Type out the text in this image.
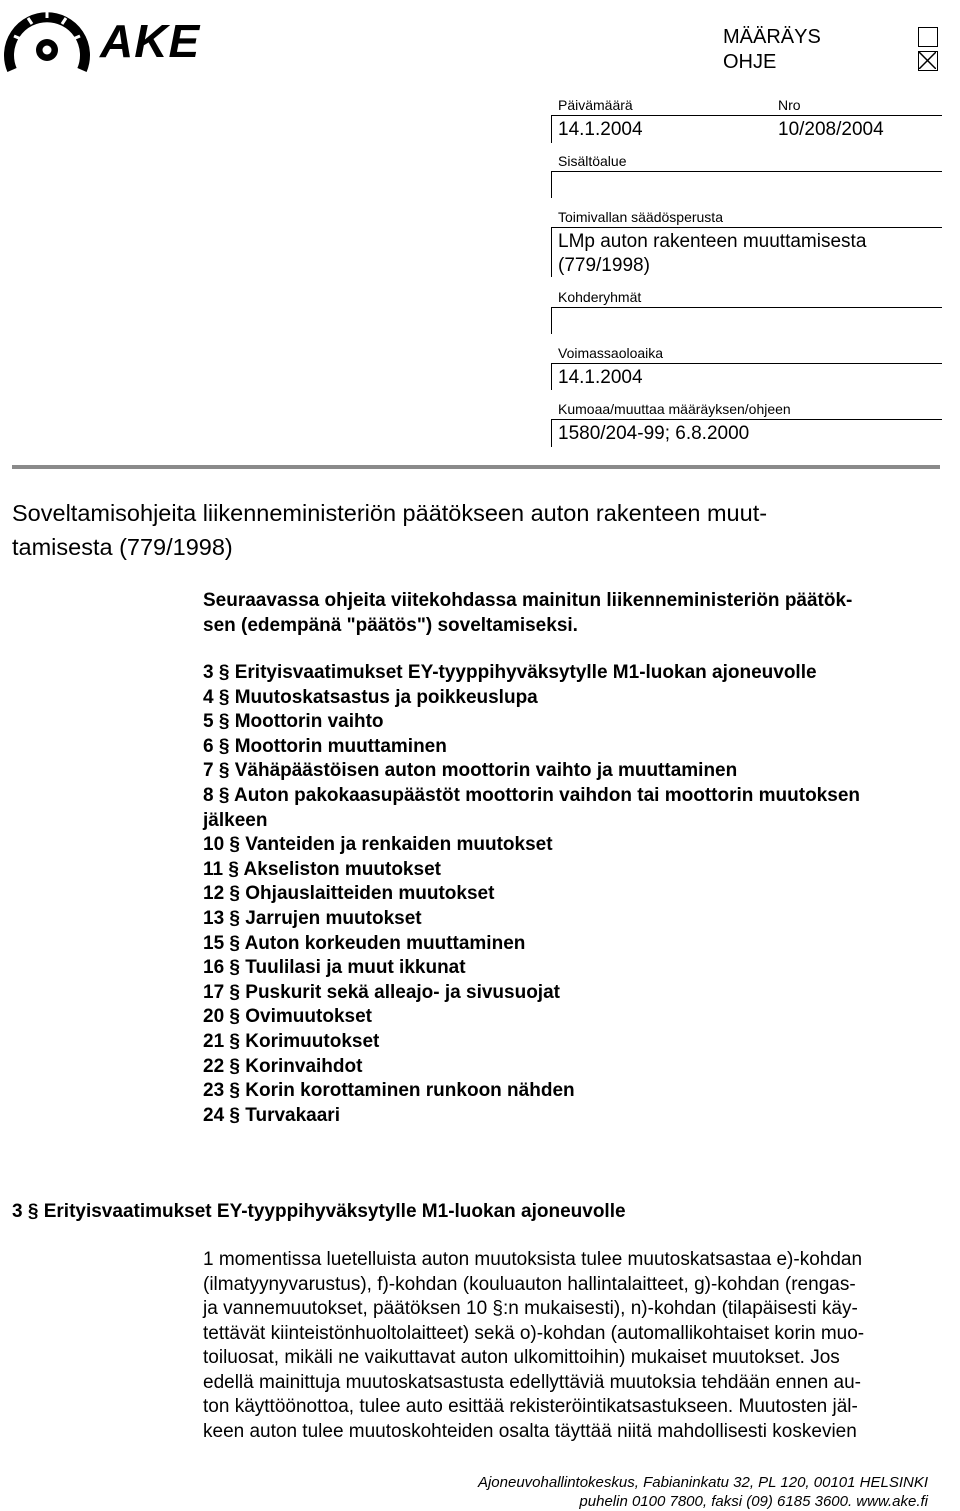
AKE	MÄÄRÄYS
OHJE
Päivämäärä	Nro
14.1.2004	10/208/2004
Sisältöalue
Toimivallan säädösperusta
LMp auton rakenteen muuttamisesta
(779/1998)
Kohderyhmät
Voimassaoloaika
14.1.2004
Kumoaa/muuttaa määräyksen/ohjeen
1580/204-99; 6.8.2000
Soveltamisohjeita liikenneministeriön päätökseen auton rakenteen muut-
tamisesta (779/1998)
Seuraavassa ohjeita viitekohdassa mainitun liikenneministeriön päätök-
sen (edempänä "päätös") soveltamiseksi.
3 § Erityisvaatimukset EY-tyyppihyväksytylle M1-luokan ajoneuvolle
4 § Muutoskatsastus ja poikkeuslupa
5 § Moottorin vaihto
6 § Moottorin muuttaminen
7 § Vähäpäästöisen auton moottorin vaihto ja muuttaminen
8 § Auton pakokaasupäästöt moottorin vaihdon tai moottorin muutoksen
jälkeen
10 § Vanteiden ja renkaiden muutokset
11 § Akseliston muutokset
12 § Ohjauslaitteiden muutokset
13 § Jarrujen muutokset
15 § Auton korkeuden muuttaminen
16 § Tuulilasi ja muut ikkunat
17 § Puskurit sekä alleajo- ja sivusuojat
20 § Ovimuutokset
21 § Korimuutokset
22 § Korinvaihdot
23 § Korin korottaminen runkoon nähden
24 § Turvakaari
3 § Erityisvaatimukset EY-tyyppihyväksytylle M1-luokan ajoneuvolle
1 momentissa luetelluista auton muutoksista tulee muutoskatsastaa e)-kohdan
(ilmatyynyvarustus), f)-kohdan (kouluauton hallintalaitteet, g)-kohdan (rengas-
ja vannemuutokset, päätöksen 10 §:n mukaisesti), n)-kohdan (tilapäisesti käy-
tettävät kiinteistönhuoltolaitteet) sekä o)-kohdan (automallikohtaiset korin muo-
toiluosat, mikäli ne vaikuttavat auton ulkomittoihin) mukaiset muutokset. Jos
edellä mainittuja muutoskatsastusta edellyttäviä muutoksia tehdään ennen au-
ton käyttöönottoa, tulee auto esittää rekisteröintikatsastukseen. Muutosten jäl-
keen auton tulee muutoskohteiden osalta täyttää niitä mahdollisesti koskevien
Ajoneuvohallintokeskus, Fabianinkatu 32, PL 120, 00101 HELSINKI
puhelin 0100 7800, faksi (09) 6185 3600. www.ake.fi
